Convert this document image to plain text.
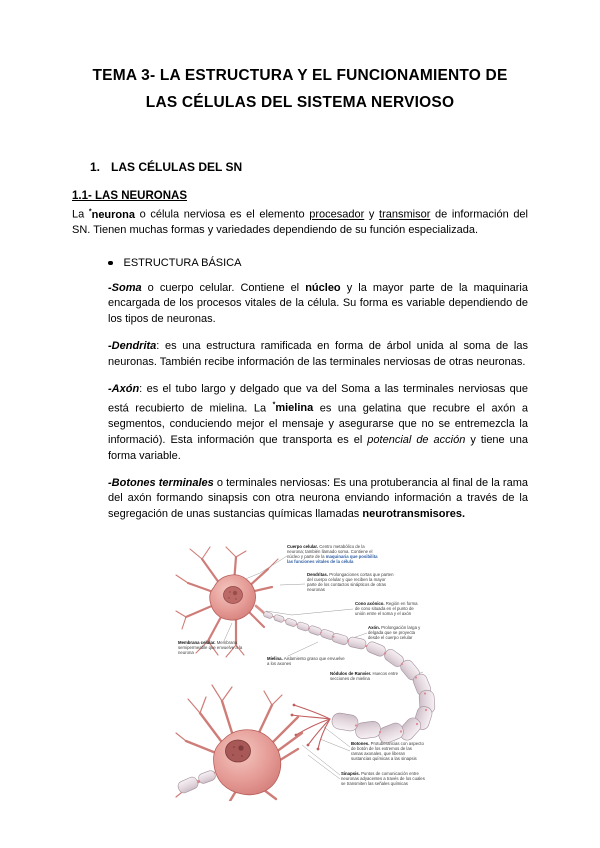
TEMA 3- LA ESTRUCTURA Y EL FUNCIONAMIENTO DE
LAS CÉLULAS DEL SISTEMA NERVIOSO
1. LAS CÉLULAS DEL SN
1.1- LAS NEURONAS

La *neurona o célula nerviosa es el elemento procesador y transmisor de información del SN. Tienen muchas formas y variedades dependiendo de su función especializada.

ESTRUCTURA BÁSICA

-Soma o cuerpo celular. Contiene el núcleo y la mayor parte de la maquinaria encargada de los procesos vitales de la célula. Su forma es variable dependiendo de los tipos de neuronas.

-Dendrita: es una estructura ramificada en forma de árbol unida al soma de las neuronas. También recibe información de las terminales nerviosas de otras neuronas.

-Axón: es el tubo largo y delgado que va del Soma a las terminales nerviosas que está recubierto de mielina. La *mielina es una gelatina que recubre el axón a segmentos, conduciendo mejor el mensaje y asegurarse que no se entremezcla la informació). Esta información que transporta es el potencial de acción y tiene una forma variable.

-Botones terminales o terminales nerviosas: Es una protuberancia al final de la rama del axón formando sinapsis con otra neurona enviando información a través de la segregación de unas sustancias químicas llamadas neurotransmisores.

Cuerpo celular. Centro metabólico de la neurona; también llamado soma. Contiene el núcleo y parte de la maquinaria que posibilita las funciones vitales de la célula
Dendritas. Prolongaciones cortas que parten del cuerpo celular y que reciben la mayor parte de los contactos sinápticos de otras neuronas
Cono axónico. Región en forma de cono situada en el punto de unión entre el soma y el axón
Axón. Prolongación larga y delgada que se proyecta desde el cuerpo celular
Membrana celular. Membrana semipermeable que envuelve a la neurona
Mielina. Aislamiento graso que envuelve a los axones
Nódulos de Ranvier. Huecos entre secciones de mielina
Botones. Protuberancias con aspecto de botón de los extremos de las ramas axonales, que liberan sustancias químicas a las sinapsis
Sinapsis. Puntos de comunicación entre neuronas adyacentes a través de los cuales se transmiten las señales químicas
